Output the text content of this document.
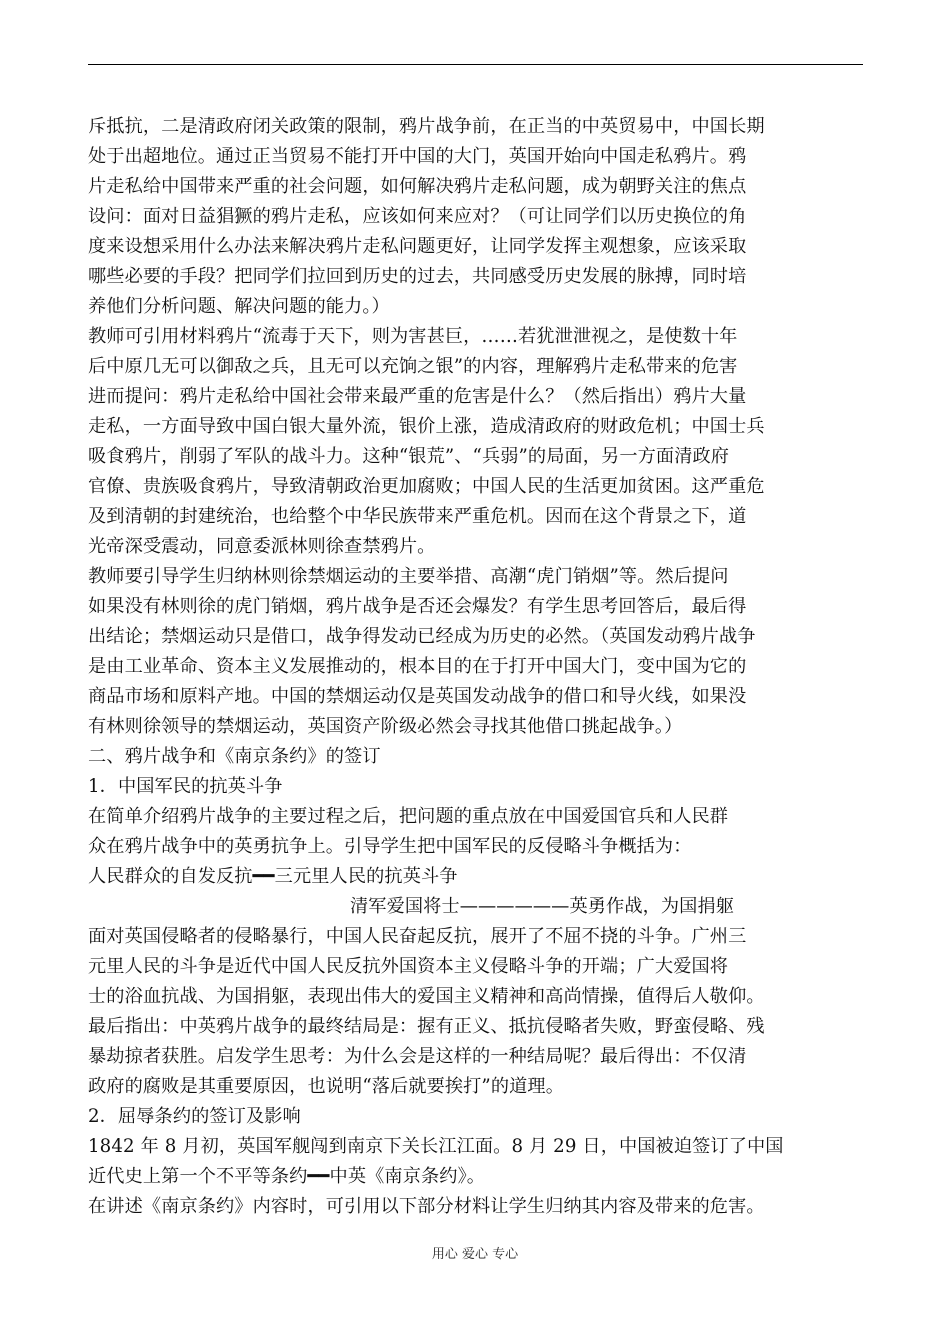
斥抵抗，二是清政府闭关政策的限制，鸦片战争前，在正当的中英贸易中，中国长期
处于出超地位。通过正当贸易不能打开中国的大门，英国开始向中国走私鸦片。鸦
片走私给中国带来严重的社会问题，如何解决鸦片走私问题，成为朝野关注的焦点
设问：面对日益猖獗的鸦片走私，应该如何来应对？（可让同学们以历史换位的角
度来设想采用什么办法来解决鸦片走私问题更好，让同学发挥主观想象，应该采取
哪些必要的手段？把同学们拉回到历史的过去，共同感受历史发展的脉搏，同时培
养他们分析问题、解决问题的能力。）
教师可引用材料鸦片“流毒于天下，则为害甚巨，……若犹泄泄视之，是使数十年
后中原几无可以御敌之兵，且无可以充饷之银”的内容，理解鸦片走私带来的危害
进而提问：鸦片走私给中国社会带来最严重的危害是什么？（然后指出）鸦片大量
走私，一方面导致中国白银大量外流，银价上涨，造成清政府的财政危机；中国士兵
吸食鸦片，削弱了军队的战斗力。这种“银荒”、“兵弱”的局面，另一方面清政府
官僚、贵族吸食鸦片，导致清朝政治更加腐败；中国人民的生活更加贫困。这严重危
及到清朝的封建统治，也给整个中华民族带来严重危机。因而在这个背景之下，道
光帝深受震动，同意委派林则徐查禁鸦片。
教师要引导学生归纳林则徐禁烟运动的主要举措、高潮“虎门销烟”等。然后提问
如果没有林则徐的虎门销烟，鸦片战争是否还会爆发？有学生思考回答后，最后得
出结论；禁烟运动只是借口，战争得发动已经成为历史的必然。（英国发动鸦片战争
是由工业革命、资本主义发展推动的，根本目的在于打开中国大门，变中国为它的
商品市场和原料产地。中国的禁烟运动仅是英国发动战争的借口和导火线，如果没
有林则徐领导的禁烟运动，英国资产阶级必然会寻找其他借口挑起战争。）
二、鸦片战争和《南京条约》的签订
1．中国军民的抗英斗争
在简单介绍鸦片战争的主要过程之后，把问题的重点放在中国爱国官兵和人民群
众在鸦片战争中的英勇抗争上。引导学生把中国军民的反侵略斗争概括为：
人民群众的自发反抗━━三元里人民的抗英斗争
清军爱国将士——————英勇作战，为国捐躯
面对英国侵略者的侵略暴行，中国人民奋起反抗，展开了不屈不挠的斗争。广州三
元里人民的斗争是近代中国人民反抗外国资本主义侵略斗争的开端；广大爱国将
士的浴血抗战、为国捐躯，表现出伟大的爱国主义精神和高尚情操，值得后人敬仰。
最后指出：中英鸦片战争的最终结局是：握有正义、抵抗侵略者失败，野蛮侵略、残
暴劫掠者获胜。启发学生思考：为什么会是这样的一种结局呢？最后得出：不仅清
政府的腐败是其重要原因，也说明“落后就要挨打”的道理。
2．屈辱条约的签订及影响
1842 年 8 月初，英国军舰闯到南京下关长江江面。8 月 29 日，中国被迫签订了中国
近代史上第一个不平等条约━━中英《南京条约》。
在讲述《南京条约》内容时，可引用以下部分材料让学生归纳其内容及带来的危害。
用心 爱心 专心
